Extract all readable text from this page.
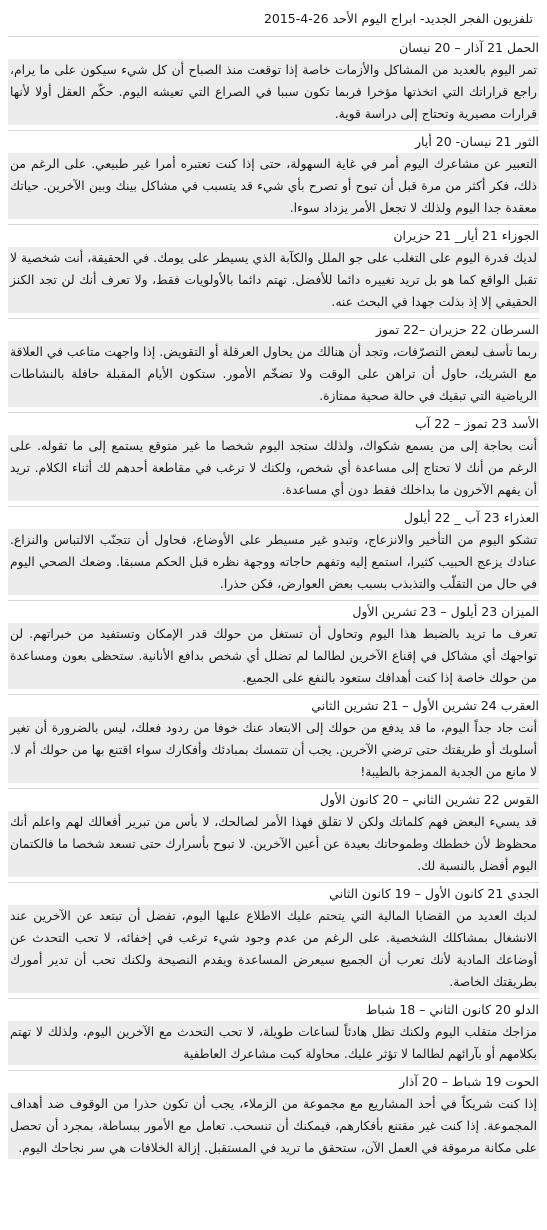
تلفزيون الفجر الجديد- ابراج اليوم الأحد 26-4-2015
الحمل 21 آذار – 20 نيسان

تمر اليوم بالعديد من المشاكل والأزمات خاصة إذا توقعت منذ الصباح أن كل شيء سيكون على ما يرام، راجع قراراتك التي اتخذتها مؤخرا فربما تكون سببا في الصراع التي تعيشه اليوم. حكّم العقل أولا لأنها قرارات مصيرية وتحتاج إلى دراسة قوية.

الثور 21 نيسان- 20 أيار

التعبير عن مشاعرك اليوم أمر في غاية السهولة، حتى إذا كنت تعتبره أمرا غير طبيعي. على الرغم من ذلك، فكر أكثر من مرة قبل أن تبوح أو تصرح بأي شيء قد يتسبب في مشاكل بينك وبين الآخرين. حياتك معقدة جدا اليوم ولذلك لا تجعل الأمر يزداد سوءا.

الجوزاء 21 أيار_ 21 حزيران

لديك قدرة اليوم على التغلب على جو الملل والكآبة الذي يسيطر على يومك. في الحقيقة، أنت شخصية لا تقبل الواقع كما هو بل تريد تغييره دائما للأفضل. تهتم دائما بالأولويات فقط، ولا تعرف أنك لن تجد الكنز الحقيقي إلا إذ بذلت جهدا في البحث عنه.

السرطان 22 حزيران –22 تموز

ربما تأسف لبعض التصرّفات، وتجد أن هنالك من يحاول العرقلة أو التقويض. إذا واجهت متاعب في العلاقة مع الشريك، حاول أن تراهن على الوقت ولا تضخّم الأمور. ستكون الأيام المقبلة حافلة بالنشاطات الرياضية التي تبقيك في حالة صحية ممتازة.

الأسد 23 تموز – 22 آب

أنت بحاجة إلى من يسمع شكواك، ولذلك ستجد اليوم شخصا ما غير متوقع يستمع إلى ما تقوله. على الرغم من أنك لا تحتاج إلى مساعدة أي شخص، ولكنك لا ترغب في مقاطعة أحدهم لك أثناء الكلام. تريد أن يفهم الآخرون ما بداخلك فقط دون أي مساعدة.

العذراء 23 آب _ 22 أيلول

تشكو اليوم من التأخير والانزعاج، وتبدو غير مسيطر على الأوضاع، فحاول أن تتجنّب الالتباس والنزاع. عنادك يزعج الحبيب كثيرا، استمع إليه وتفهم حاجاته ووجهة نظره قبل الحكم مسبقا. وضعك الصحي اليوم في حال من التقلّب والتذبذب بسبب بعض العوارض، فكن حذرا.

الميزان 23 أيلول – 23 تشرين الأول

تعرف ما تريد بالضبط هذا اليوم وتحاول أن تستغل من حولك قدر الإمكان وتستفيد من خبراتهم. لن تواجهك أي مشاكل في إقناع الآخرين لطالما لم تضلل أي شخص بدافع الأنانية. ستحظى بعون ومساعدة من حولك خاصة إذا كنت أهدافك ستعود بالنفع على الجميع.

العقرب 24 تشرين الأول – 21 تشرين الثاني

أنت جاد جداً اليوم، ما قد يدفع من حولك إلى الابتعاد عنك خوفا من ردود فعلك، ليس بالضرورة أن تغير أسلوبك أو طريقتك حتى ترضي الآخرين. يجب أن تتمسك بمبادئك وأفكارك سواء اقتنع بها من حولك أم لا. لا مانع من الجدية الممزجة بالطيبة!

القوس 22 تشرين الثاني – 20 كانون الأول

قد يسيء البعض فهم كلماتك ولكن لا تقلق فهذا الأمر لصالحك، لا بأس من تبرير أفعالك لهم واعلم أنك محظوظ لأن خططك وطموحاتك بعيدة عن أعين الآخرين. لا تبوح بأسرارك حتى تسعد شخصا ما فالكتمان اليوم أفضل بالنسبة لك.

الجدي 21 كانون الأول – 19 كانون الثاني

لديك العديد من القضايا المالية التي يتحتم عليك الاطلاع عليها اليوم، تفضل أن تبتعد عن الآخرين عند الانشغال بمشاكلك الشخصية. على الرغم من عدم وجود شيء ترغب في إخفائه، لا تحب التحدث عن أوضاعك المادية لأنك تعرب أن الجميع سيعرض المساعدة ويقدم النصيحة ولكنك تحب أن تدير أمورك بطريقتك الخاصة.

الدلو 20 كانون الثاني – 18 شباط

مزاجك متقلب اليوم ولكنك تظل هادئاً لساعات طويلة، لا تحب التحدث مع الآخرين اليوم، ولذلك لا تهتم بكلامهم أو بآرائهم لطالما لا تؤثر عليك. محاولة كبت مشاعرك العاطفية

الحوت 19 شباط – 20 آذار

إذا كنت شريكاً في أحد المشاريع مع مجموعة من الزملاء، يجب أن تكون حذرا من الوقوف ضد أهداف المجموعة. إذا كنت غير مقتنع بأفكارهم، فيمكنك أن تنسحب. تعامل مع الأمور ببساطة، بمجرد أن تحصل على مكانة مرموقة في العمل الآن، ستحقق ما تريد في المستقبل. إزالة الخلافات هي سر نجاحك اليوم.
